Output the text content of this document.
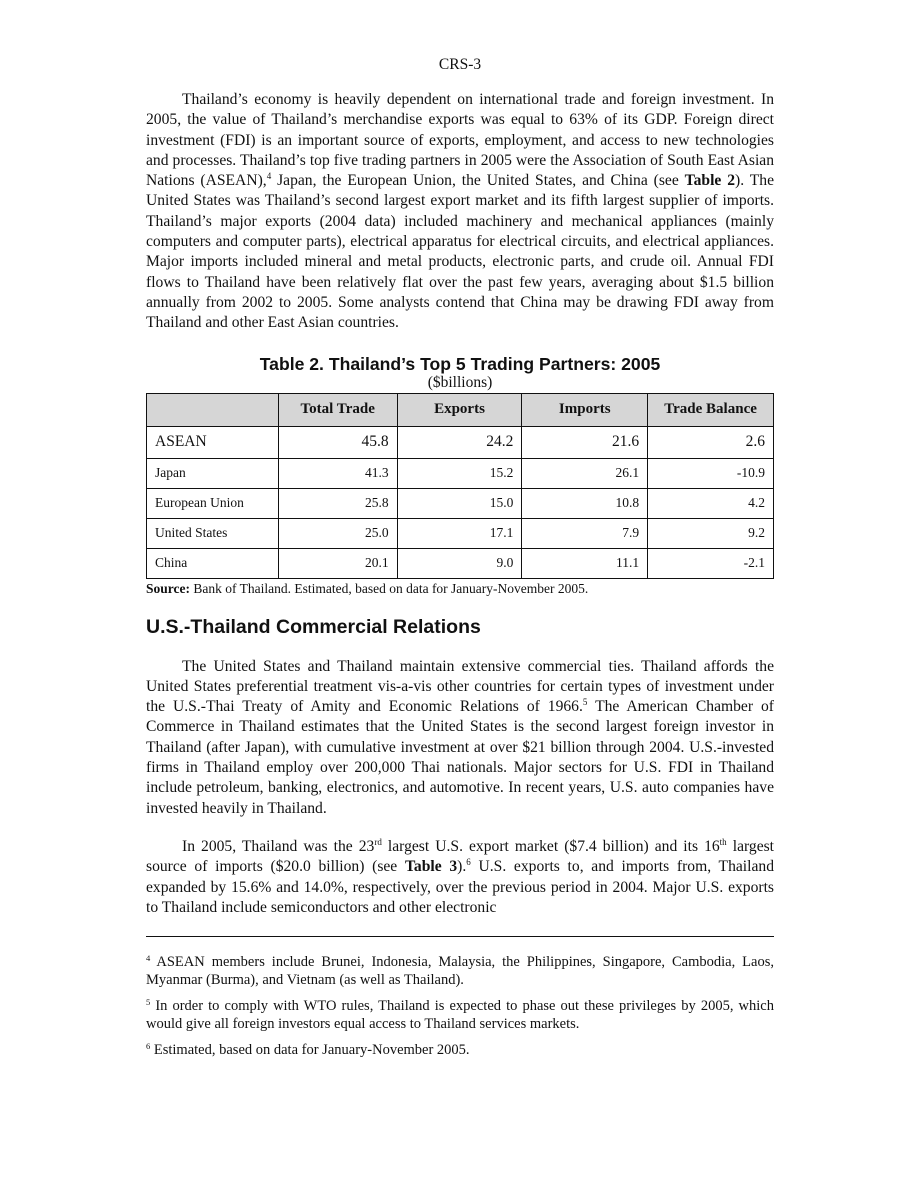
CRS-3

Thailand’s economy is heavily dependent on international trade and foreign investment. In 2005, the value of Thailand’s merchandise exports was equal to 63% of its GDP. Foreign direct investment (FDI) is an important source of exports, employment, and access to new technologies and processes. Thailand’s top five trading partners in 2005 were the Association of South East Asian Nations (ASEAN),$^4$ Japan, the European Union, the United States, and China (see Table 2). The United States was Thailand’s second largest export market and its fifth largest supplier of imports. Thailand’s major exports (2004 data) included machinery and mechanical appliances (mainly computers and computer parts), electrical apparatus for electrical circuits, and electrical appliances. Major imports included mineral and metal products, electronic parts, and crude oil. Annual FDI flows to Thailand have been relatively flat over the past few years, averaging about $1.5 billion annually from 2002 to 2005. Some analysts contend that China may be drawing FDI away from Thailand and other East Asian countries.

Table 2. Thailand’s Top 5 Trading Partners: 2005
($billions)
	Total Trade	Exports	Imports	Trade Balance
ASEAN	45.8	24.2	21.6	2.6
Japan	41.3	15.2	26.1	-10.9
European Union	25.8	15.0	10.8	4.2
United States	25.0	17.1	7.9	9.2
China	20.1	9.0	11.1	-2.1
Source: Bank of Thailand. Estimated, based on data for January-November 2005.
U.S.-Thailand Commercial Relations

The United States and Thailand maintain extensive commercial ties. Thailand affords the United States preferential treatment vis-a-vis other countries for certain types of investment under the U.S.-Thai Treaty of Amity and Economic Relations of 1966.$^5$ The American Chamber of Commerce in Thailand estimates that the United States is the second largest foreign investor in Thailand (after Japan), with cumulative investment at over $21 billion through 2004. U.S.-invested firms in Thailand employ over 200,000 Thai nationals. Major sectors for U.S. FDI in Thailand include petroleum, banking, electronics, and automotive. In recent years, U.S. auto companies have invested heavily in Thailand.

In 2005, Thailand was the 23rd largest U.S. export market ($7.4 billion) and its 16th largest source of imports ($20.0 billion) (see Table 3).$^6$ U.S. exports to, and imports from, Thailand expanded by 15.6% and 14.0%, respectively, over the previous period in 2004. Major U.S. exports to Thailand include semiconductors and other electronic

$^4$ ASEAN members include Brunei, Indonesia, Malaysia, the Philippines, Singapore, Cambodia, Laos, Myanmar (Burma), and Vietnam (as well as Thailand).
$^5$ In order to comply with WTO rules, Thailand is expected to phase out these privileges by 2005, which would give all foreign investors equal access to Thailand services markets.
$^6$ Estimated, based on data for January-November 2005.
